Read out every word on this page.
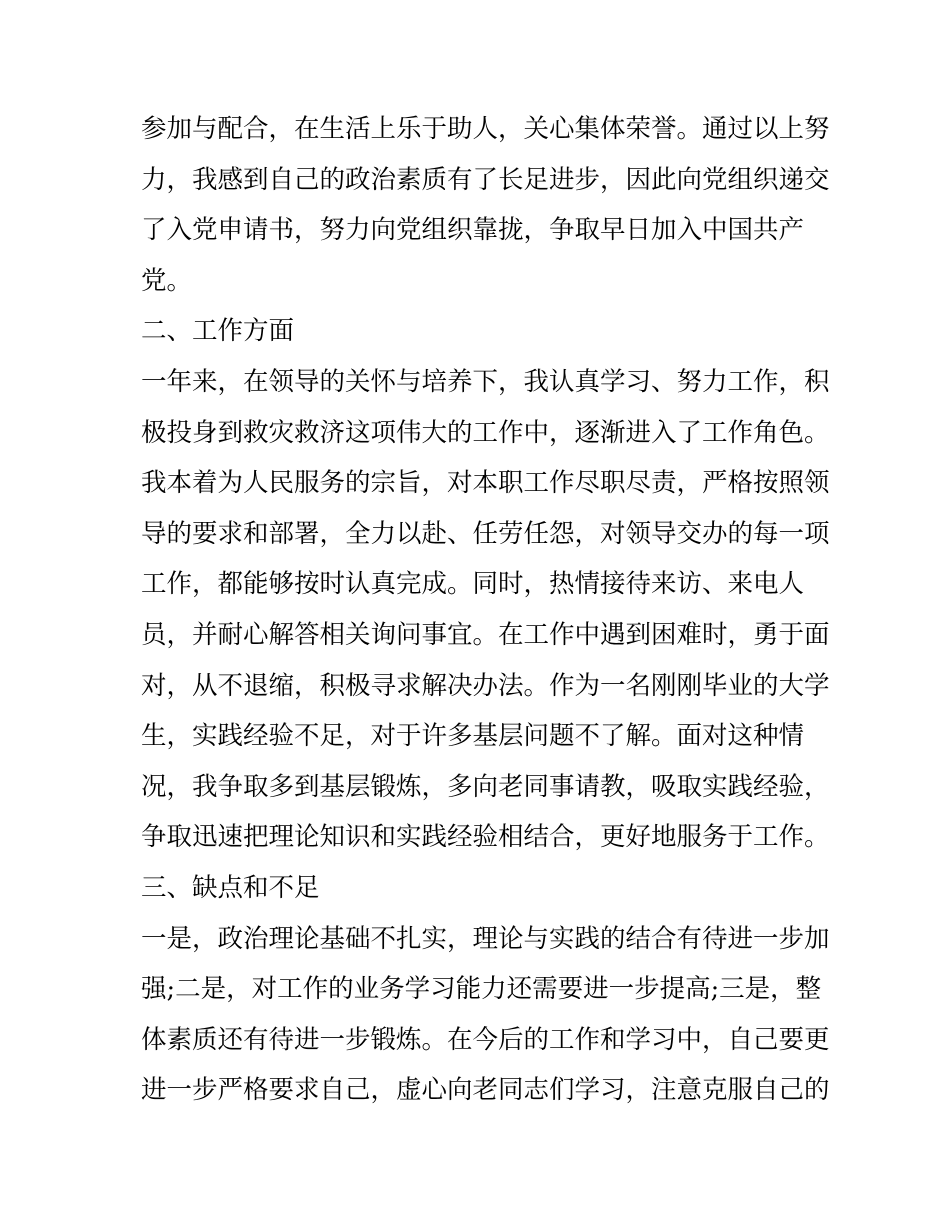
参加与配合，在生活上乐于助人，关心集体荣誉。通过以上努
力，我感到自己的政治素质有了长足进步，因此向党组织递交
了入党申请书，努力向党组织靠拢，争取早日加入中国共产
党。
二、工作方面
一年来，在领导的关怀与培养下，我认真学习、努力工作，积
极投身到救灾救济这项伟大的工作中，逐渐进入了工作角色。
我本着为人民服务的宗旨，对本职工作尽职尽责，严格按照领
导的要求和部署，全力以赴、任劳任怨，对领导交办的每一项
工作，都能够按时认真完成。同时，热情接待来访、来电人
员，并耐心解答相关询问事宜。在工作中遇到困难时，勇于面
对，从不退缩，积极寻求解决办法。作为一名刚刚毕业的大学
生，实践经验不足，对于许多基层问题不了解。面对这种情
况，我争取多到基层锻炼，多向老同事请教，吸取实践经验，
争取迅速把理论知识和实践经验相结合，更好地服务于工作。
三、缺点和不足
一是，政治理论基础不扎实，理论与实践的结合有待进一步加
强;二是，对工作的业务学习能力还需要进一步提高;三是，整
体素质还有待进一步锻炼。在今后的工作和学习中，自己要更
进一步严格要求自己，虚心向老同志们学习，注意克服自己的
